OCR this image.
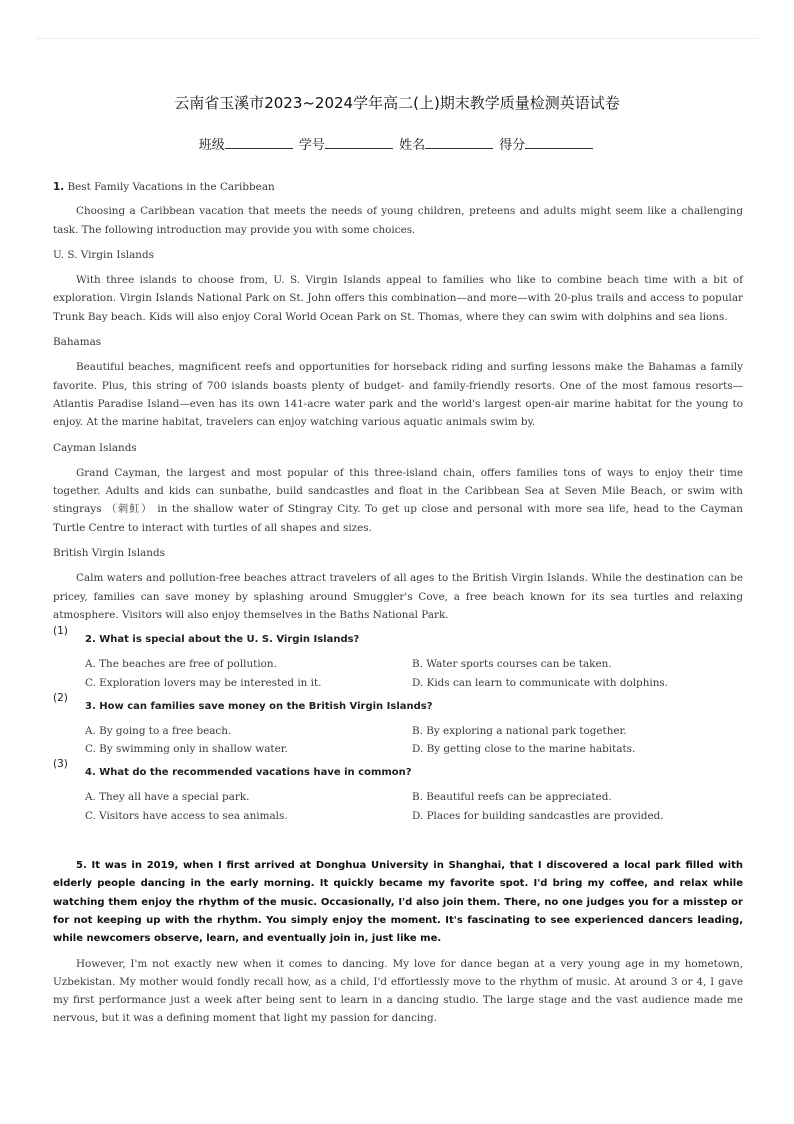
云南省玉溪市2023~2024学年高二(上)期末教学质量检测英语试卷
班级	学号	姓名	得分

1. Best Family Vacations in the Caribbean

Choosing a Caribbean vacation that meets the needs of young children, preteens and adults might seem like a challenging task. The following introduction may provide you with some choices.

U. S. Virgin Islands

With three islands to choose from, U. S. Virgin Islands appeal to families who like to combine beach time with a bit of exploration. Virgin Islands National Park on St. John offers this combination—and more—with 20-plus trails and access to popular Trunk Bay beach. Kids will also enjoy Coral World Ocean Park on St. Thomas, where they can swim with dolphins and sea lions.

Bahamas

Beautiful beaches, magnificent reefs and opportunities for horseback riding and surfing lessons make the Bahamas a family favorite. Plus, this string of 700 islands boasts plenty of budget- and family-friendly resorts. One of the most famous resorts—Atlantis Paradise Island—even has its own 141-acre water park and the world's largest open-air marine habitat for the young to enjoy. At the marine habitat, travelers can enjoy watching various aquatic animals swim by.

Cayman Islands

Grand Cayman, the largest and most popular of this three-island chain, offers families tons of ways to enjoy their time together. Adults and kids can sunbathe, build sandcastles and float in the Caribbean Sea at Seven Mile Beach, or swim with stingrays （刺魟） in the shallow water of Stingray City. To get up close and personal with more sea life, head to the Cayman Turtle Centre to interact with turtles of all shapes and sizes.

British Virgin Islands

Calm waters and pollution-free beaches attract travelers of all ages to the British Virgin Islands. While the destination can be pricey, families can save money by splashing around Smuggler's Cove, a free beach known for its sea turtles and relaxing atmosphere. Visitors will also enjoy themselves in the Baths National Park.

(1)
2. What is special about the U. S. Virgin Islands?
A. The beaches are free of pollution.	B. Water sports courses can be taken.
C. Exploration lovers may be interested in it.	D. Kids can learn to communicate with dolphins.
(2)
3. How can families save money on the British Virgin Islands?
A. By going to a free beach.	B. By exploring a national park together.
C. By swimming only in shallow water.	D. By getting close to the marine habitats.
(3)
4. What do the recommended vacations have in common?
A. They all have a special park.	B. Beautiful reefs can be appreciated.
C. Visitors have access to sea animals.	D. Places for building sandcastles are provided.

5. It was in 2019, when I first arrived at Donghua University in Shanghai, that I discovered a local park filled with elderly people dancing in the early morning. It quickly became my favorite spot. I'd bring my coffee, and relax while watching them enjoy the rhythm of the music. Occasionally, I'd also join them. There, no one judges you for a misstep or for not keeping up with the rhythm. You simply enjoy the moment. It's fascinating to see experienced dancers leading, while newcomers observe, learn, and eventually join in, just like me.

However, I'm not exactly new when it comes to dancing. My love for dance began at a very young age in my hometown, Uzbekistan. My mother would fondly recall how, as a child, I'd effortlessly move to the rhythm of music. At around 3 or 4, I gave my first performance just a week after being sent to learn in a dancing studio. The large stage and the vast audience made me nervous, but it was a defining moment that light my passion for dancing.
